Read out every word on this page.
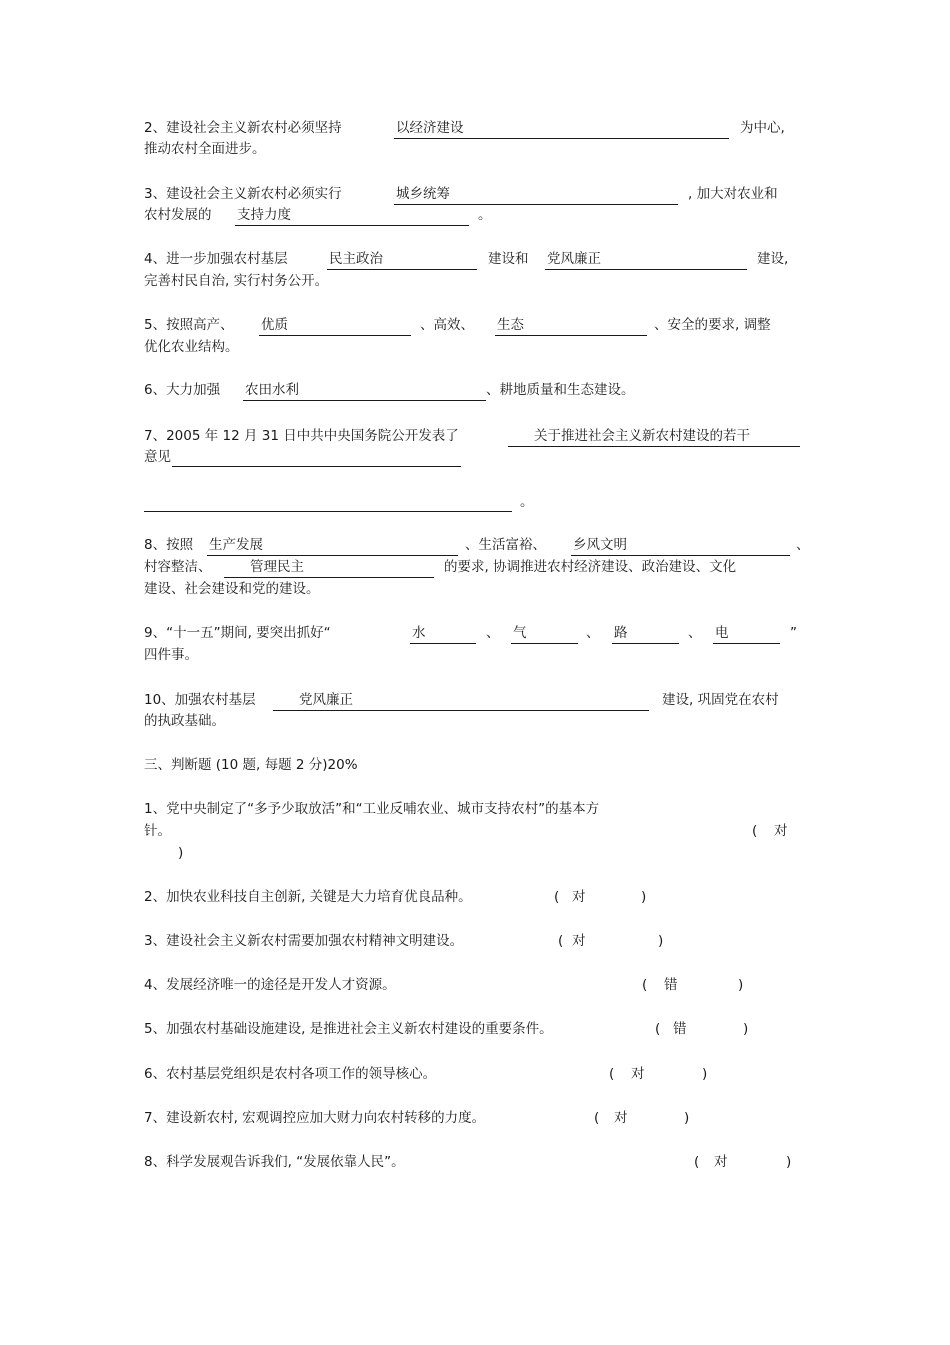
2、建设社会主义新农村必须坚持	以经济建设	为中心,
推动农村全面进步。
3、建设社会主义新农村必须实行	城乡统筹	, 加大对农业和
农村发展的 支持力度	。
4、进一步加强农村基层	民主政治	建设和 党风廉正	建设,
完善村民自治, 实行村务公开。
5、按照高产、 优质	、高效、 生态	、安全的要求, 调整
优化农业结构。
6、大力加强 农田水利	、耕地质量和生态建设。
7、2005 年 12 月 31 日中共中央国务院公开发表了	关于推进社会主义新农村建设的若干
意见
。
8、按照 生产发展	、生活富裕、 乡风文明	、
村容整洁、	管理民主	的要求, 协调推进农村经济建设、政治建设、文化
建设、社会建设和党的建设。
9、“十一五”期间, 要突出抓好“	水	、 气	、 路	、 电	”
四件事。
10、加强农村基层	党风廉正	建设, 巩固党在农村
的执政基础。
三、判断题 (10 题, 每题 2 分)20%
1、党中央制定了“多予少取放活”和“工业反哺农业、城市支持农村”的基本方
针。	( 对
)
2、加快农业科技自主创新, 关键是大力培育优良品种。	( 对	)
3、建设社会主义新农村需要加强农村精神文明建设。	( 对	)
4、发展经济唯一的途径是开发人才资源。	( 错	)
5、加强农村基础设施建设, 是推进社会主义新农村建设的重要条件。	( 错	)
6、农村基层党组织是农村各项工作的领导核心。	( 对	)
7、建设新农村, 宏观调控应加大财力向农村转移的力度。	( 对	)
8、科学发展观告诉我们, “发展依靠人民”。	( 对	)
